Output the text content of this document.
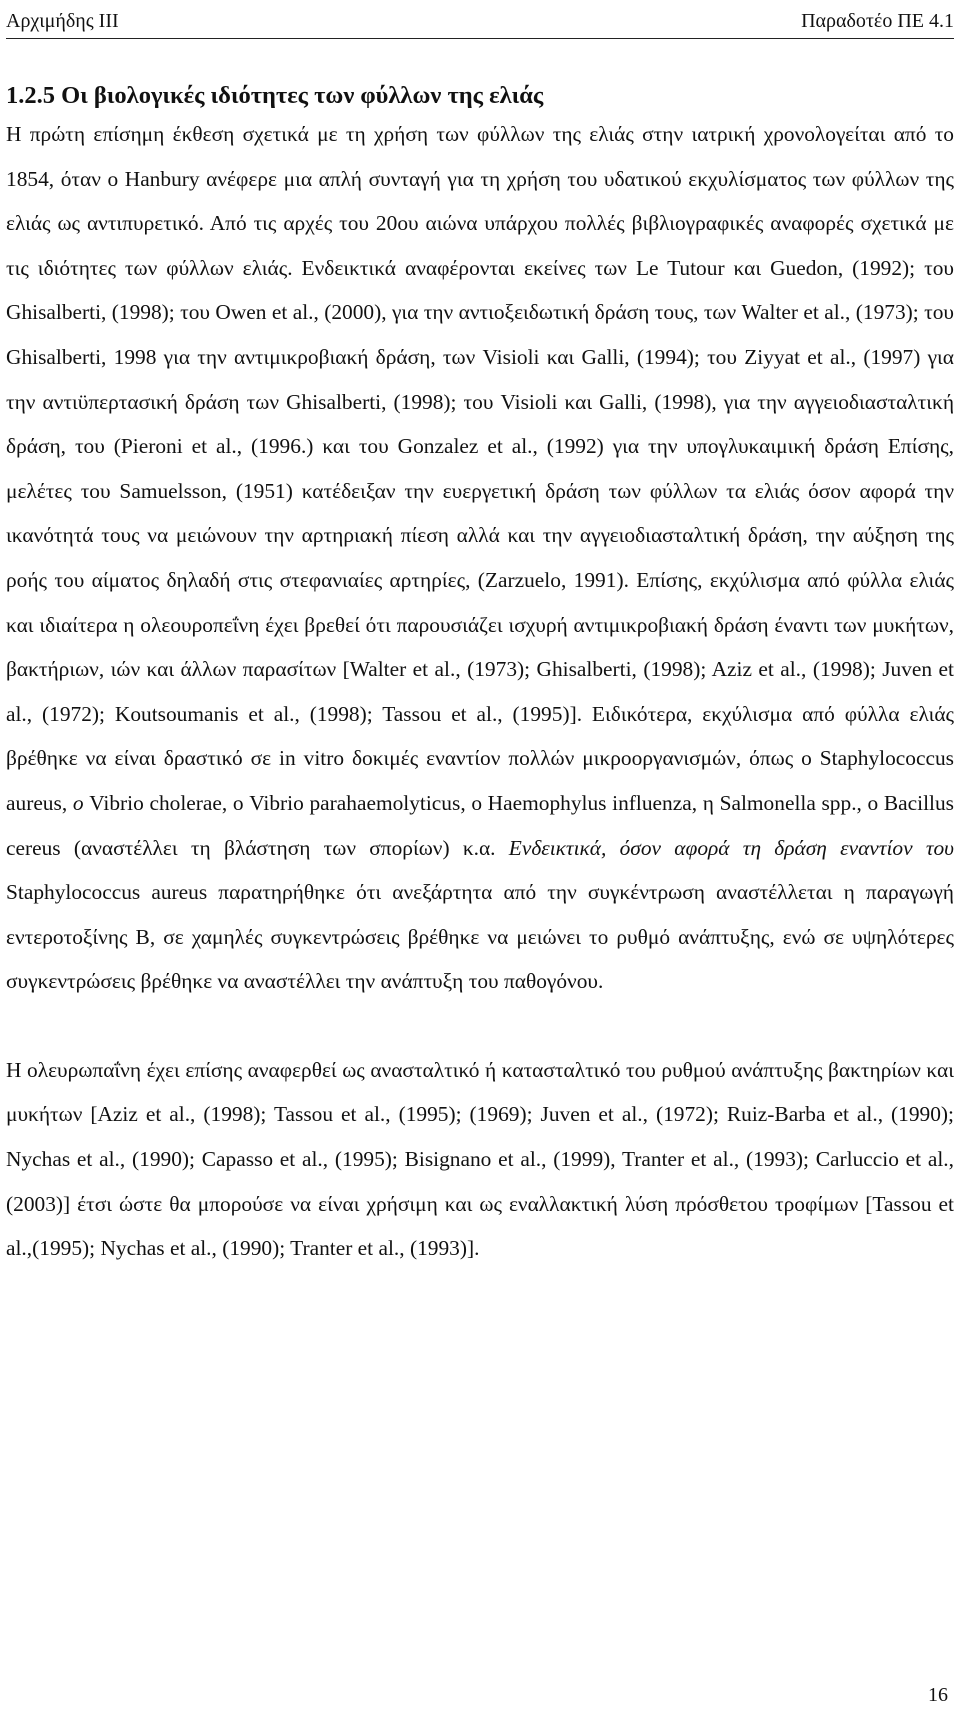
Αρχιμήδης ΙΙΙ	Παραδοτέο ΠΕ 4.1
1.2.5 Οι βιολογικές ιδιότητες των φύλλων της ελιάς

Η πρώτη επίσημη έκθεση σχετικά με τη χρήση των φύλλων της ελιάς στην ιατρική χρονολογείται από το 1854, όταν ο Hanbury ανέφερε μια απλή συνταγή για τη χρήση του υδατικού εκχυλίσματος των φύλλων της ελιάς ως αντιπυρετικό. Από τις αρχές του 20ου αιώνα υπάρχου πολλές βιβλιογραφικές αναφορές σχετικά με τις ιδιότητες των φύλλων ελιάς. Ενδεικτικά αναφέρονται εκείνες των Le Tutour και Guedon, (1992); του Ghisalberti, (1998); του Owen et al., (2000), για την αντιοξειδωτική δράση τους, των Walter et al., (1973); του Ghisalberti, 1998 για την αντιμικροβιακή δράση, των Visioli και Galli, (1994); του Ziyyat et al., (1997) για την αντιϋπερτασική δράση των Ghisalberti, (1998); του Visioli και Galli, (1998), για την αγγειοδιασταλτική δράση, του (Pieroni et al., (1996.) και του Gonzalez et al., (1992) για την υπογλυκαιμική δράση Επίσης, μελέτες του Samuelsson, (1951) κατέδειξαν την ευεργετική δράση των φύλλων τα ελιάς όσον αφορά την ικανότητά τους να μειώνουν την αρτηριακή πίεση αλλά και την αγγειοδιασταλτική δράση, την αύξηση της ροής του αίματος δηλαδή στις στεφανιαίες αρτηρίες, (Zarzuelo, 1991). Επίσης, εκχύλισμα από φύλλα ελιάς και ιδιαίτερα η ολεουροπεΐνη έχει βρεθεί ότι παρουσιάζει ισχυρή αντιμικροβιακή δράση έναντι των μυκήτων, βακτήριων, ιών και άλλων παρασίτων [Walter et al., (1973); Ghisalberti, (1998); Aziz et al., (1998); Juven et al., (1972); Koutsoumanis et al., (1998); Tassou et al., (1995)]. Ειδικότερα, εκχύλισμα από φύλλα ελιάς βρέθηκε να είναι δραστικό σε in vitro δοκιμές εναντίον πολλών μικροοργανισμών, όπως ο Staphylococcus aureus, ο Vibrio cholerae, ο Vibrio parahaemolyticus, ο Haemophylus influenza, η Salmonella spp., ο Bacillus cereus (αναστέλλει τη βλάστηση των σπορίων) κ.α. Ενδεικτικά, όσον αφορά τη δράση εναντίον του Staphylococcus aureus παρατηρήθηκε ότι ανεξάρτητα από την συγκέντρωση αναστέλλεται η παραγωγή εντεροτοξίνης Β, σε χαμηλές συγκεντρώσεις βρέθηκε να μειώνει το ρυθμό ανάπτυξης, ενώ σε υψηλότερες συγκεντρώσεις βρέθηκε να αναστέλλει την ανάπτυξη του παθογόνου.

Η ολευρωπαΐνη έχει επίσης αναφερθεί ως ανασταλτικό ή κατασταλτικό του ρυθμού ανάπτυξης βακτηρίων και μυκήτων [Aziz et al., (1998); Tassou et al., (1995); (1969); Juven et al., (1972); Ruiz-Barba et al., (1990); Nychas et al., (1990); Capasso et al., (1995); Bisignano et al., (1999), Tranter et al., (1993); Carluccio et al., (2003)] έτσι ώστε θα μπορούσε να είναι χρήσιμη και ως εναλλακτική λύση πρόσθετου τροφίμων [Tassou et al.,(1995); Nychas et al., (1990); Tranter et al., (1993)].

16
